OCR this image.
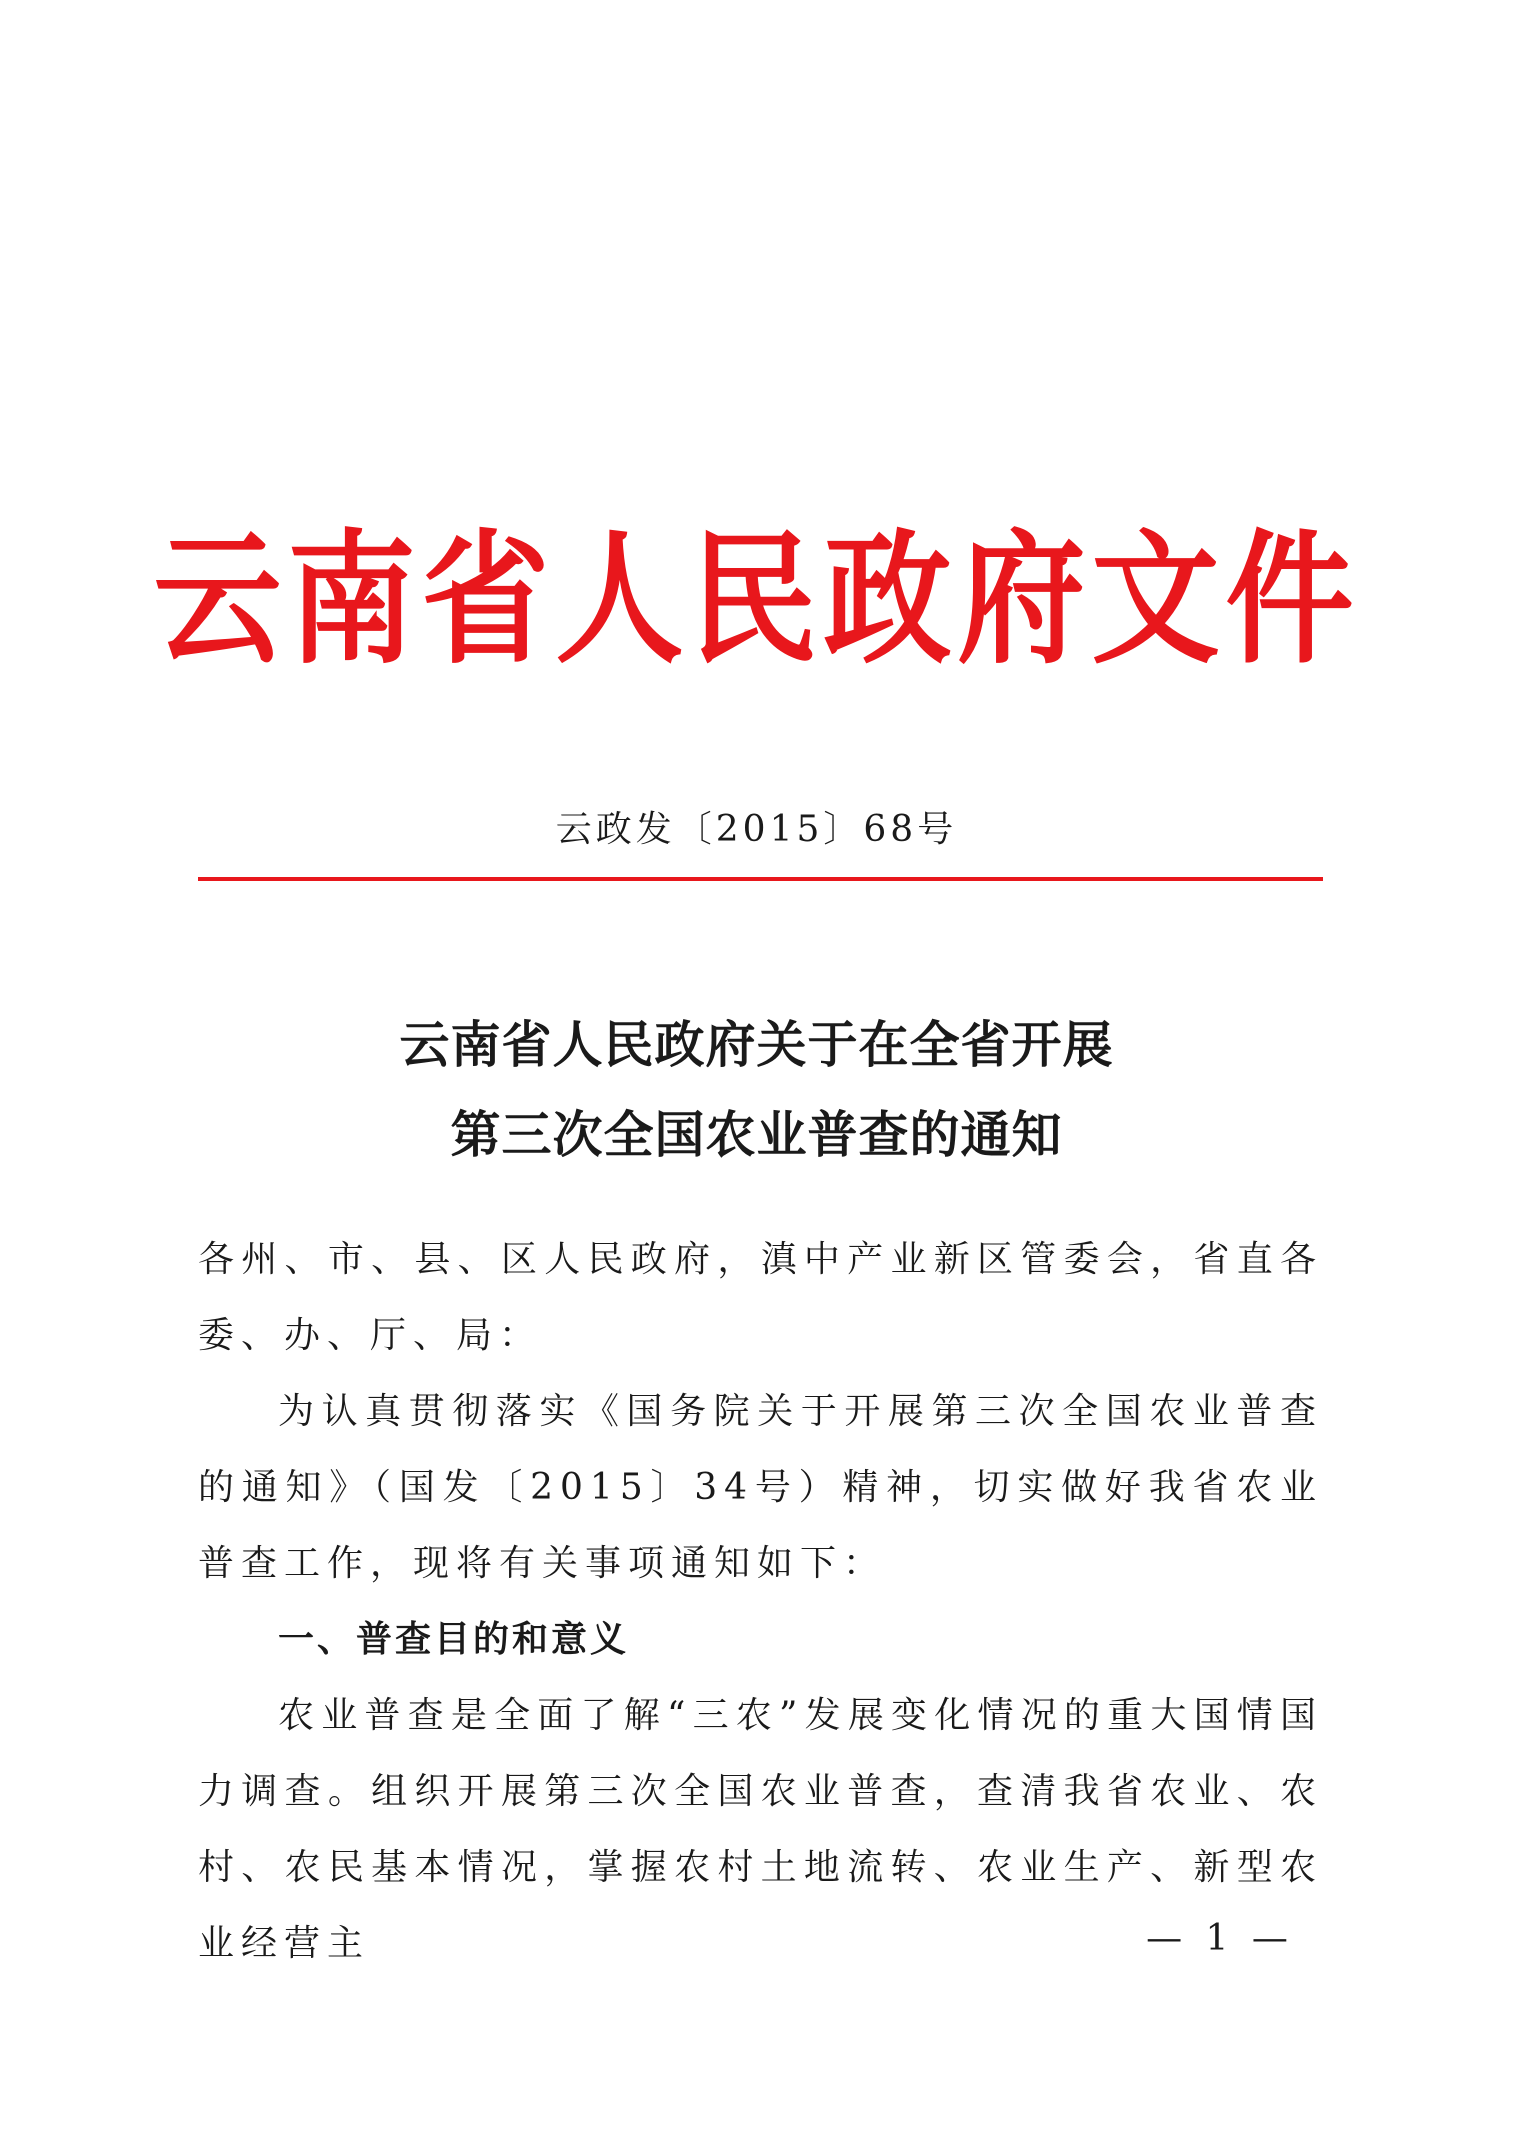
云南省人民政府文件
云政发〔2015〕68号
云南省人民政府关于在全省开展
第三次全国农业普查的通知

各州、市、县、区人民政府，滇中产业新区管委会，省直各委、办、厅、局：

为认真贯彻落实《国务院关于开展第三次全国农业普查的通知》（国发〔2015〕34号）精神，切实做好我省农业普查工作，现将有关事项通知如下：

一、普查目的和意义

农业普查是全面了解“三农”发展变化情况的重大国情国力调查。组织开展第三次全国农业普查，查清我省农业、农村、农民基本情况，掌握农村土地流转、农业生产、新型农业经营主	— 1 —
